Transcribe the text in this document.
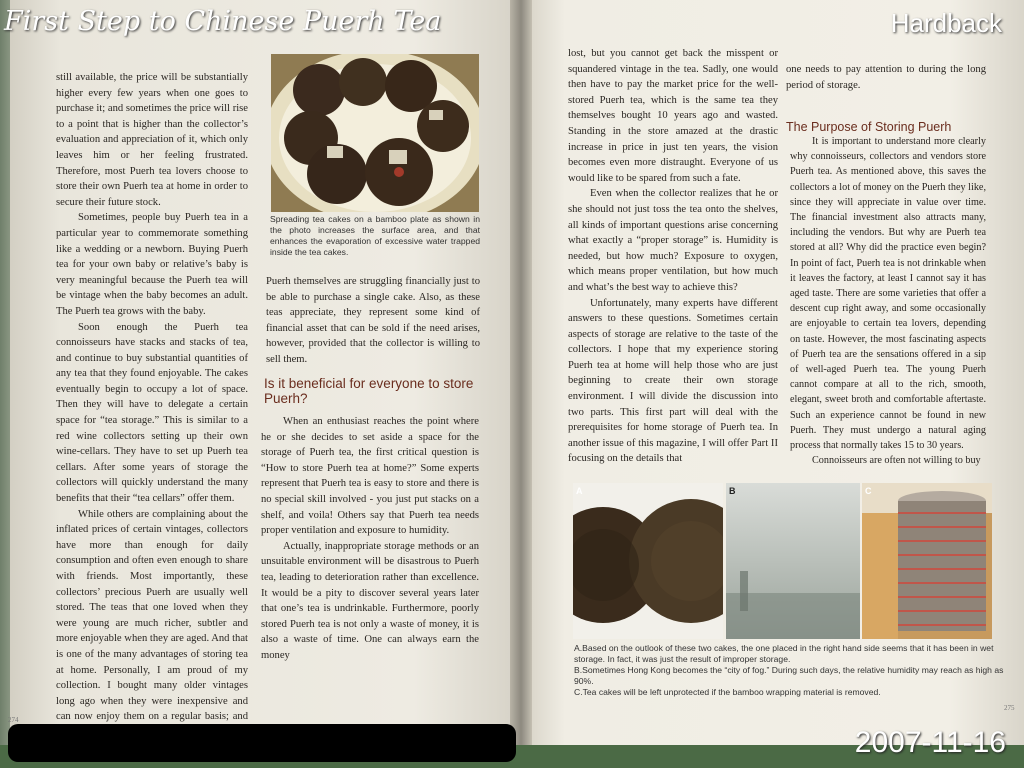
still available, the price will be substantially higher every few years when one goes to purchase it; and sometimes the price will rise to a point that is higher than the collector’s evaluation and appreciation of it, which only leaves him or her feeling frustrated. Therefore, most Puerh tea lovers choose to store their own Puerh tea at home in order to secure their future stock.

Sometimes, people buy Puerh tea in a particular year to commemorate something like a wedding or a newborn. Buying Puerh tea for your own baby or relative’s baby is very meaningful because the Puerh tea will be vintage when the baby becomes an adult. The Puerh tea grows with the baby.

Soon enough the Puerh tea connoisseurs have stacks and stacks of tea, and continue to buy substantial quantities of any tea that they found enjoyable. The cakes eventually begin to occupy a lot of space. Then they will have to delegate a certain space for “tea storage.” This is similar to a red wine collectors setting up their own wine-cellars. They have to set up Puerh tea cellars. After some years of storage the collectors will quickly understand the many benefits that their “tea cellars” offer them.

While others are complaining about the inflated prices of certain vintages, collectors have more than enough for daily consumption and often even enough to share with friends. Most importantly, these collectors’ precious Puerh are usually well stored. The teas that one loved when they were young are much richer, subtler and more enjoyable when they are aged. And that is one of the many advantages of storing tea at home. Personally, I am proud of my collection. I bought many older vintages long ago when they were inexpensive and can now enjoy them on a regular basis; and

Spreading tea cakes on a bamboo plate as shown in the photo increases the surface area, and that enhances the evaporation of excessive water trapped inside the tea cakes.

Puerh themselves are struggling financially just to be able to purchase a single cake. Also, as these teas appreciate, they represent some kind of financial asset that can be sold if the need arises, however, provided that the collector is willing to sell them.

Is it beneficial for everyone to store Puerh?

When an enthusiast reaches the point where he or she decides to set aside a space for the storage of Puerh tea, the first critical question is “How to store Puerh tea at home?” Some experts represent that Puerh tea is easy to store and there is no special skill involved - you just put stacks on a shelf, and voila! Others say that Puerh tea needs proper ventilation and exposure to humidity.

Actually, inappropriate storage methods or an unsuitable environment will be disastrous to Puerh tea, leading to deterioration rather than excellence. It would be a pity to discover several years later that one’s tea is undrinkable. Furthermore, poorly stored Puerh tea is not only a waste of money, it is also a waste of time. One can always earn the money

274

lost, but you cannot get back the misspent or squandered vintage in the tea. Sadly, one would then have to pay the market price for the well-stored Puerh tea, which is the same tea they themselves bought 10 years ago and wasted. Standing in the store amazed at the drastic increase in price in just ten years, the vision becomes even more distraught. Everyone of us would like to be spared from such a fate.

Even when the collector realizes that he or she should not just toss the tea onto the shelves, all kinds of important questions arise concerning what exactly a “proper storage” is. Humidity is needed, but how much? Exposure to oxygen, which means proper ventilation, but how much and what’s the best way to achieve this?

Unfortunately, many experts have different answers to these questions. Sometimes certain aspects of storage are relative to the taste of the collectors. I hope that my experience storing Puerh tea at home will help those who are just beginning to create their own storage environment. I will divide the discussion into two parts. This first part will deal with the prerequisites for home storage of Puerh tea. In another issue of this magazine, I will offer Part II focusing on the details that

one needs to pay attention to during the long period of storage.

The Purpose of Storing Puerh

It is important to understand more clearly why connoisseurs, collectors and vendors store Puerh tea. As mentioned above, this saves the collectors a lot of money on the Puerh they like, since they will appreciate in value over time. The financial investment also attracts many, including the vendors. But why are Puerh tea stored at all? Why did the practice even begin? In point of fact, Puerh tea is not drinkable when it leaves the factory, at least I cannot say it has aged taste. There are some varieties that offer a descent cup right away, and some occasionally are enjoyable to certain tea lovers, depending on taste. However, the most fascinating aspects of Puerh tea are the sensations offered in a sip of well-aged Puerh tea. The young Puerh cannot compare at all to the rich, smooth, elegant, sweet broth and comfortable aftertaste. Such an experience cannot be found in new Puerh. They must undergo a natural aging process that normally takes 15 to 30 years.

Connoisseurs are often not willing to buy

A	B	C
A.Based on the outlook of these two cakes, the one placed in the right hand side seems that it has been in wet storage. In fact, it was just the result of improper storage.
B.Sometimes Hong Kong becomes the “city of fog.” During such days, the relative humidity may reach as high as 90%.
C.Tea cakes will be left unprotected if the bamboo wrapping material is removed.
275
First Step to Chinese Puerh Tea	Hardback
2007-11-16
